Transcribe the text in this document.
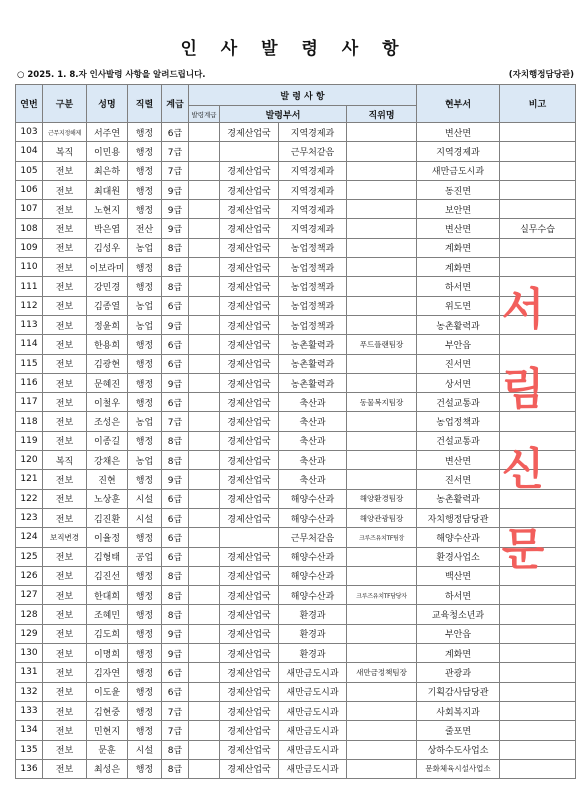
인 사 발 령 사 항
○ 2025. 1. 8.자 인사발령 사항을 알려드립니다.	(자치행정담당관)
연번	구분	성명	직렬	계급	발 령 사 항				현부서	비고
					발령계급	발령부서		직위명		
103	근무지정해제	서주연	행정	6급		경제산업국	지역경제과		변산면	
104	복직	이민용	행정	7급			근무처같음		지역경제과	
105	전보	최은하	행정	7급		경제산업국	지역경제과		새만금도시과	
106	전보	최대원	행정	9급		경제산업국	지역경제과		동진면	
107	전보	노현지	행정	9급		경제산업국	지역경제과		보안면	
108	전보	박은엽	전산	9급		경제산업국	지역경제과		변산면	실무수습
109	전보	김성우	농업	8급		경제산업국	농업정책과		계화면	
110	전보	이보라미	행정	8급		경제산업국	농업정책과		계화면	
111	전보	강민경	행정	8급		경제산업국	농업정책과		하서면	
112	전보	김종열	농업	6급		경제산업국	농업정책과		위도면	
113	전보	정윤희	농업	9급		경제산업국	농업정책과		농촌활력과	
114	전보	한용희	행정	6급		경제산업국	농촌활력과	푸드플랜팀장	부안읍	
115	전보	김광현	행정	6급		경제산업국	농촌활력과		진서면	
116	전보	문혜진	행정	9급		경제산업국	농촌활력과		상서면	
117	전보	이철우	행정	6급		경제산업국	축산과	동물복지팀장	건설교통과	
118	전보	조성은	농업	7급		경제산업국	축산과		농업정책과	
119	전보	이종길	행정	8급		경제산업국	축산과		건설교통과	
120	복직	강채은	농업	8급		경제산업국	축산과		변산면	
121	전보	진현	행정	9급		경제산업국	축산과		진서면	
122	전보	노상훈	시설	6급		경제산업국	해양수산과	해양환경팀장	농촌활력과	
123	전보	김진환	시설	6급		경제산업국	해양수산과	해양관광팀장	자치행정담당관	
124	보직변경	이율정	행정	6급			근무처같음	크루즈유치TF팀장	해양수산과	
125	전보	김형태	공업	6급		경제산업국	해양수산과		환경사업소	
126	전보	김진선	행정	8급		경제산업국	해양수산과		백산면	
127	전보	한대희	행정	8급		경제산업국	해양수산과	크루즈유치TF담당자	하서면	
128	전보	조혜민	행정	8급		경제산업국	환경과		교육청소년과	
129	전보	김도희	행정	9급		경제산업국	환경과		부안읍	
130	전보	이명희	행정	9급		경제산업국	환경과		계화면	
131	전보	김자연	행정	6급		경제산업국	새만금도시과	새만금정책팀장	관광과	
132	전보	이도윤	행정	6급		경제산업국	새만금도시과		기획감사담당관	
133	전보	김현중	행정	7급		경제산업국	새만금도시과		사회복지과	
134	전보	민현지	행정	7급		경제산업국	새만금도시과		줄포면	
135	전보	문훈	시설	8급		경제산업국	새만금도시과		상하수도사업소	
136	전보	최성은	행정	8급		경제산업국	새만금도시과		문화체육시설사업소	
서
림
신
문
